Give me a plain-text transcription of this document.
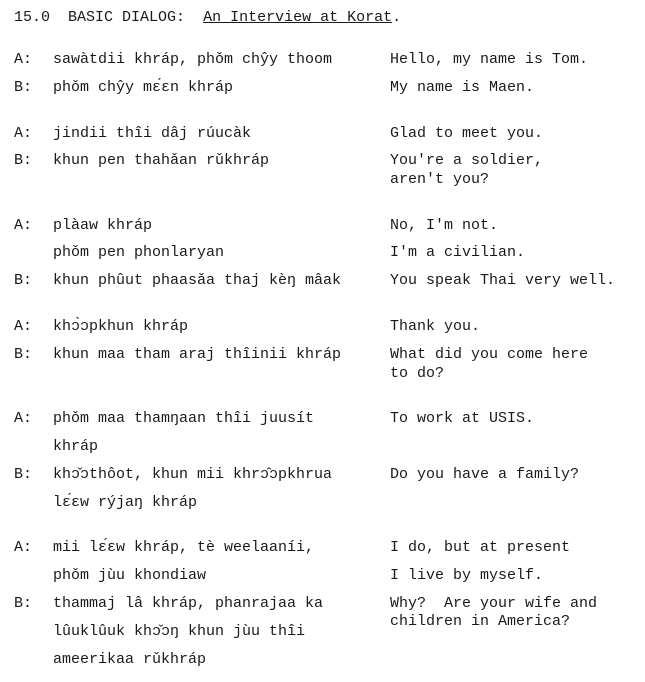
15.0 BASIC DIALOG: An Interview at Korat.
A: sawàtdii khráp, phǒm chŷy thoom	Hello, my name is Tom.
B: phǒm chŷy mɛ́ɛn khráp	My name is Maen.
A: jindii thîi dâj rúucàk	Glad to meet you.
B: khun pen thahǎan rǔkhráp	You're a soldier,
aren't you?
A: plàaw khráp	No, I'm not.
phǒm pen phonlaryan	I'm a civilian.
B: khun phûut phaasǎa thaj kèŋ mâak	You speak Thai very well.
A: khɔ̀ɔpkhun khráp	Thank you.
B: khun maa tham araj thîinii khráp	What did you come here
to do?
A: phǒm maa thamŋaan thîi juusít	To work at USIS.
khráp
B: khɔ̌ɔthôot, khun mii khrɔ̂ɔpkhrua	Do you have a family?
lɛ́ɛw rýjaŋ khráp
A: mii lɛ́ɛw khráp, tè weelaaníi,	I do, but at present
phǒm jùu khondiaw	I live by myself.
B: thammaj lâ khráp, phanrajaa ka	Why?  Are your wife and
children in America?
lûuklûuk khɔ̌ɔŋ khun jùu thîi
ameerikaa rǔkhráp
